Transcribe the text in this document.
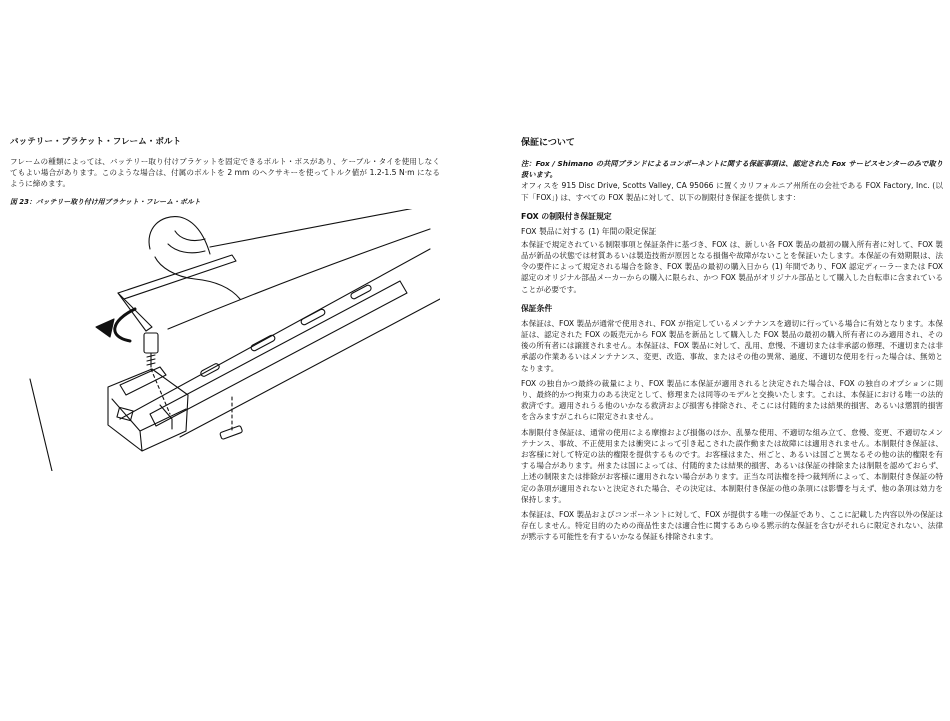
バッテリー・ブラケット・フレーム・ボルト

フレームの種類によっては、バッテリー取り付けブラケットを固定できるボルト・ボスがあり、ケーブル・タイを使用しなくてもよい場合があります。このような場合は、付属のボルトを 2 mm のヘクサキーを使ってトルク値が 1.2-1.5 N·m になるように締めます。

図 23：バッテリー取り付け用ブラケット・フレーム・ボルト
保証について

注：Fox / Shimano の共同ブランドによるコンポーネントに関する保証事項は、認定された Fox サービスセンターのみで取り扱います。

オフィスを 915 Disc Drive, Scotts Valley, CA 95066 に置くカリフォルニア州所在の会社である FOX Factory, Inc. (以下「FOX」) は、すべての FOX 製品に対して、以下の制限付き保証を提供します：

FOX の制限付き保証規定
FOX 製品に対する (1) 年間の限定保証

本保証で規定されている制限事項と保証条件に基づき、FOX は、新しい各 FOX 製品の最初の購入所有者に対して、FOX 製品が新品の状態では材質あるいは製造技術が原因となる損傷や故障がないことを保証いたします。本保証の有効期限は、法令の要件によって規定される場合を除き、FOX 製品の最初の購入日から (1) 年間であり、FOX 認定ディーラーまたは FOX 認定のオリジナル部品メーカーからの購入に限られ、かつ FOX 製品がオリジナル部品として購入した自転車に含まれていることが必要です。

保証条件

本保証は、FOX 製品が通常で使用され、FOX が指定しているメンテナンスを適切に行っている場合に有効となります。本保証は、認定された FOX の販売元から FOX 製品を新品として購入した FOX 製品の最初の購入所有者にのみ適用され、その後の所有者には譲渡されません。本保証は、FOX 製品に対して、乱用、怠慢、不適切または非承認の修理、不適切または非承認の作業あるいはメンテナンス、変更、改造、事故、またはその他の異常、過度、不適切な使用を行った場合は、無効となります。

FOX の独自かつ最終の裁量により、FOX 製品に本保証が適用されると決定された場合は、FOX の独自のオプションに則り、最終的かつ拘束力のある決定として、修理または同等のモデルと交換いたします。これは、本保証における唯一の法的救済です。適用されうる他のいかなる救済および損害も排除され、そこには付随的または結果的損害、あるいは懲罰的損害を含みますがこれらに限定されません。

本制限付き保証は、通常の使用による摩擦および損傷のほか、乱暴な使用、不適切な組み立て、怠慢、変更、不適切なメンテナンス、事故、不正使用または衝突によって引き起こされた誤作動または故障には適用されません。本制限付き保証は、お客様に対して特定の法的権限を提供するものです。お客様はまた、州ごと、あるいは国ごと異なるその他の法的権限を有する場合があります。州または国によっては、付随的または結果的損害、あるいは保証の排除または制限を認めておらず、上述の制限または排除がお客様に適用されない場合があります。正当な司法権を持つ裁判所によって、本制限付き保証の特定の条項が適用されないと決定された場合、その決定は、本制限付き保証の他の条項には影響を与えず、他の条項は効力を保持します。

本保証は、FOX 製品およびコンポーネントに対して、FOX が提供する唯一の保証であり、ここに記載した内容以外の保証は存在しません。特定目的のための商品性または適合性に関するあらゆる黙示的な保証を含むがそれらに限定されない、法律が黙示する可能性を有するいかなる保証も排除されます。
